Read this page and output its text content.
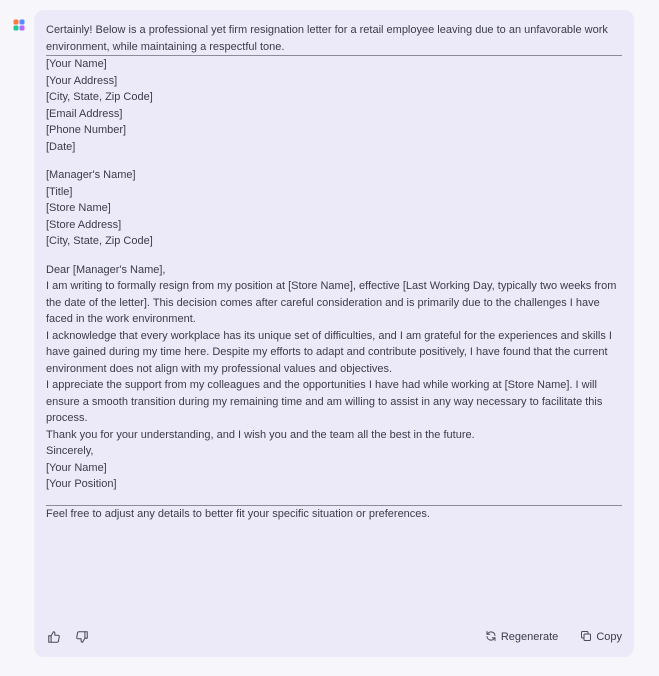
Certainly! Below is a professional yet firm resignation letter for a retail employee leaving due to an unfavorable work environment, while maintaining a respectful tone.

[Your Name]
[Your Address]
[City, State, Zip Code]
[Email Address]
[Phone Number]
[Date]
[Manager's Name]
[Title]
[Store Name]
[Store Address]
[City, State, Zip Code]

Dear [Manager's Name],

I am writing to formally resign from my position at [Store Name], effective [Last Working Day, typically two weeks from the date of the letter]. This decision comes after careful consideration and is primarily due to the challenges I have faced in the work environment.

I acknowledge that every workplace has its unique set of difficulties, and I am grateful for the experiences and skills I have gained during my time here. Despite my efforts to adapt and contribute positively, I have found that the current environment does not align with my professional values and objectives.

I appreciate the support from my colleagues and the opportunities I have had while working at [Store Name]. I will ensure a smooth transition during my remaining time and am willing to assist in any way necessary to facilitate this process.

Thank you for your understanding, and I wish you and the team all the best in the future.

Sincerely,

[Your Name]
[Your Position]

Feel free to adjust any details to better fit your specific situation or preferences.

Regenerate	Copy
